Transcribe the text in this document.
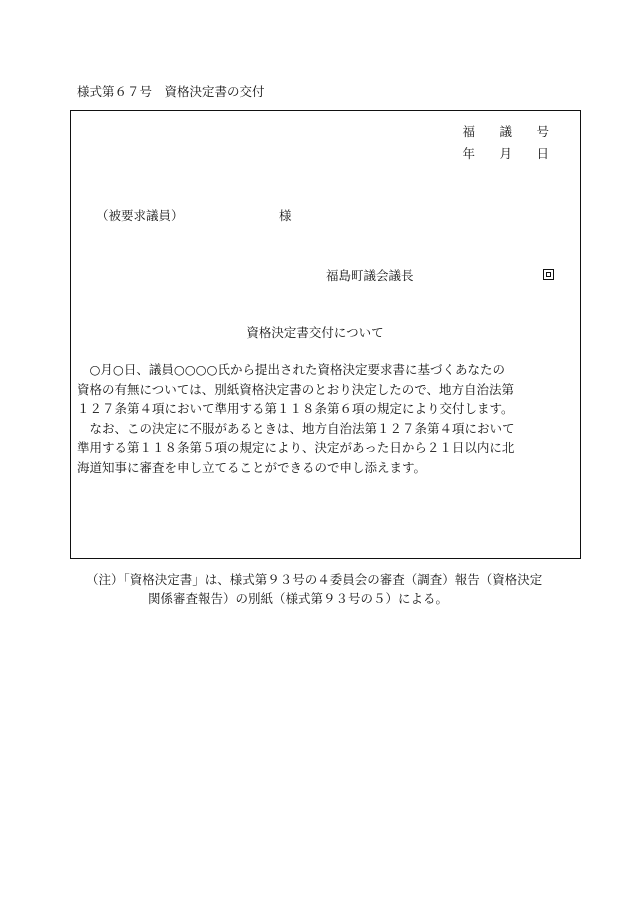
様式第６７号　資格決定書の交付
福　議　号
年　月　日
（被要求議員）	様
福島町議会議長
資格決定書交付について

　○月○日、議員○○○○氏から提出された資格決定要求書に基づくあなたの

資格の有無については、別紙資格決定書のとおり決定したので、地方自治法第

１２７条第４項において準用する第１１８条第６項の規定により交付します。

　なお、この決定に不服があるときは、地方自治法第１２７条第４項において

準用する第１１８条第５項の規定により、決定があった日から２１日以内に北

海道知事に審査を申し立てることができるので申し添えます。

（注）「資格決定書」は、様式第９３号の４委員会の審査（調査）報告（資格決定

関係審査報告）の別紙（様式第９３号の５）による。
